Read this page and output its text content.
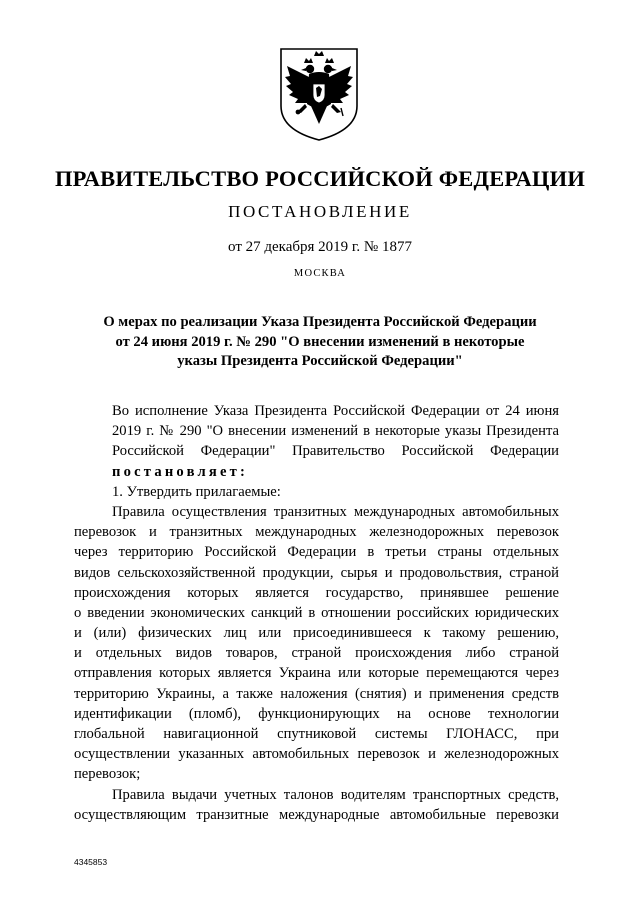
ПРАВИТЕЛЬСТВО РОССИЙСКОЙ ФЕДЕРАЦИИ
ПОСТАНОВЛЕНИЕ
от 27 декабря 2019 г. № 1877
МОСКВА
О мерах по реализации Указа Президента Российской Федерации
от 24 июня 2019 г. № 290 "О внесении изменений в некоторые
указы Президента Российской Федерации"

Во исполнение Указа Президента Российской Федерации от 24 июня
2019 г. № 290 "О внесении изменений в некоторые указы Президента
Российской Федерации" Правительство Российской Федерации
постановляет:

1. Утвердить прилагаемые:

Правила осуществления транзитных международных автомобильных
перевозок и транзитных международных железнодорожных перевозок
через территорию Российской Федерации в третьи страны отдельных
видов сельскохозяйственной продукции, сырья и продовольствия, страной
происхождения которых является государство, принявшее решение
о введении экономических санкций в отношении российских юридических
и (или) физических лиц или присоединившееся к такому решению,
и отдельных видов товаров, страной происхождения либо страной
отправления которых является Украина или которые перемещаются через
территорию Украины, а также наложения (снятия) и применения средств
идентификации (пломб), функционирующих на основе технологии
глобальной навигационной спутниковой системы ГЛОНАСС, при
осуществлении указанных автомобильных перевозок и железнодорожных
перевозок;

Правила выдачи учетных талонов водителям транспортных средств,
осуществляющим транзитные международные автомобильные перевозки

4345853
